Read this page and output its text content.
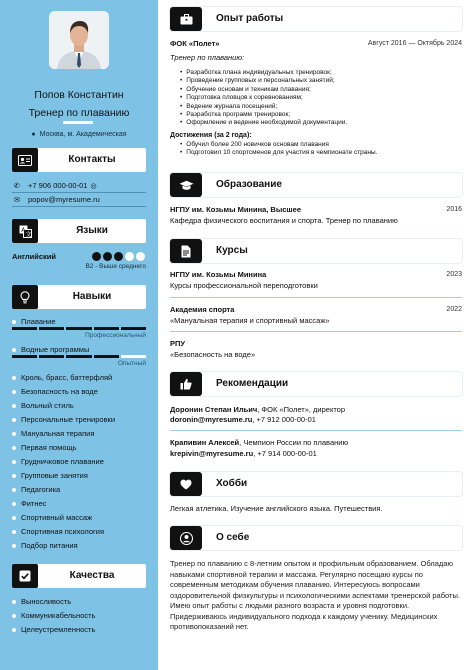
Попов Константин
Тренер по плаванию
● Москва, м. Академическая
Контакты
✆	+7 906 000-00-01 ◎
✉	popov@myresume.ru
A
文	Языки
Английский
B2 - Выше среднего
Навыки
Плавание
Профессиональный
Водные программы
Опытный
Кроль, брасс, баттерфляй
Безопасность на воде
Вольный стиль
Персональные тренировки
Мануальная терапия
Первая помощь
Грудничковое плавание
Групповые занятия
Педагогика
Фитнес
Спортивный массаж
Спортивная психология
Подбор питания
Качества
Выносливость
Коммуникабельность
Целеустремленность
Опыт работы
ФОК «Полет»	Август 2016 — Октябрь 2024
Тренер по плаванию:
• Разработка плана индивидуальных тренировок;
• Проведение групповых и персональных занятий;
• Обучение основам и техникам плавания;
• Подготовка пловцов к соревнованиям;
• Ведение журнала посещений;
• Разработка программ тренировок;
• Оформление и ведение необходимой документации.
Достижения (за 2 года):
• Обучил более 200 новичков основам плавания
• Подготовил 10 спортсменов для участия в чемпионате страны.
Образование
НГПУ им. Козьмы Минина, Высшее	2016
Кафедра физического воспитания и спорта. Тренер по плаванию
Курсы
НГПУ им. Козьмы Минина	2023
Курсы профессиональной переподготовки
Академия спорта	2022
«Мануальная терапия и спортивный массаж»
РПУ
«Безопасность на воде»
Рекомендации
Доронин Степан Ильич, ФОК «Полет», директор
doronin@myresume.ru, +7 912 000-00-01
Крапивин Алексей, Чемпион России по плаванию
krepivin@myresume.ru, +7 914 000-00-01
Хобби
Легкая атлетика. Изучение английского языка. Путешествия.
О себе
Тренер по плаванию с 8-летним опытом и профильным образованием. Обладаю навыками спортивной терапии и массажа. Регулярно посещаю курсы по современным методикам обучения плаванию. Интересуюсь вопросами оздоровительной физкультуры и психологическими аспектами тренерской работы. Имею опыт работы с людьми разного возраста и уровня подготовки. Придерживаюсь индивидуального подхода к каждому ученику. Медицинских противопоказаний нет.
